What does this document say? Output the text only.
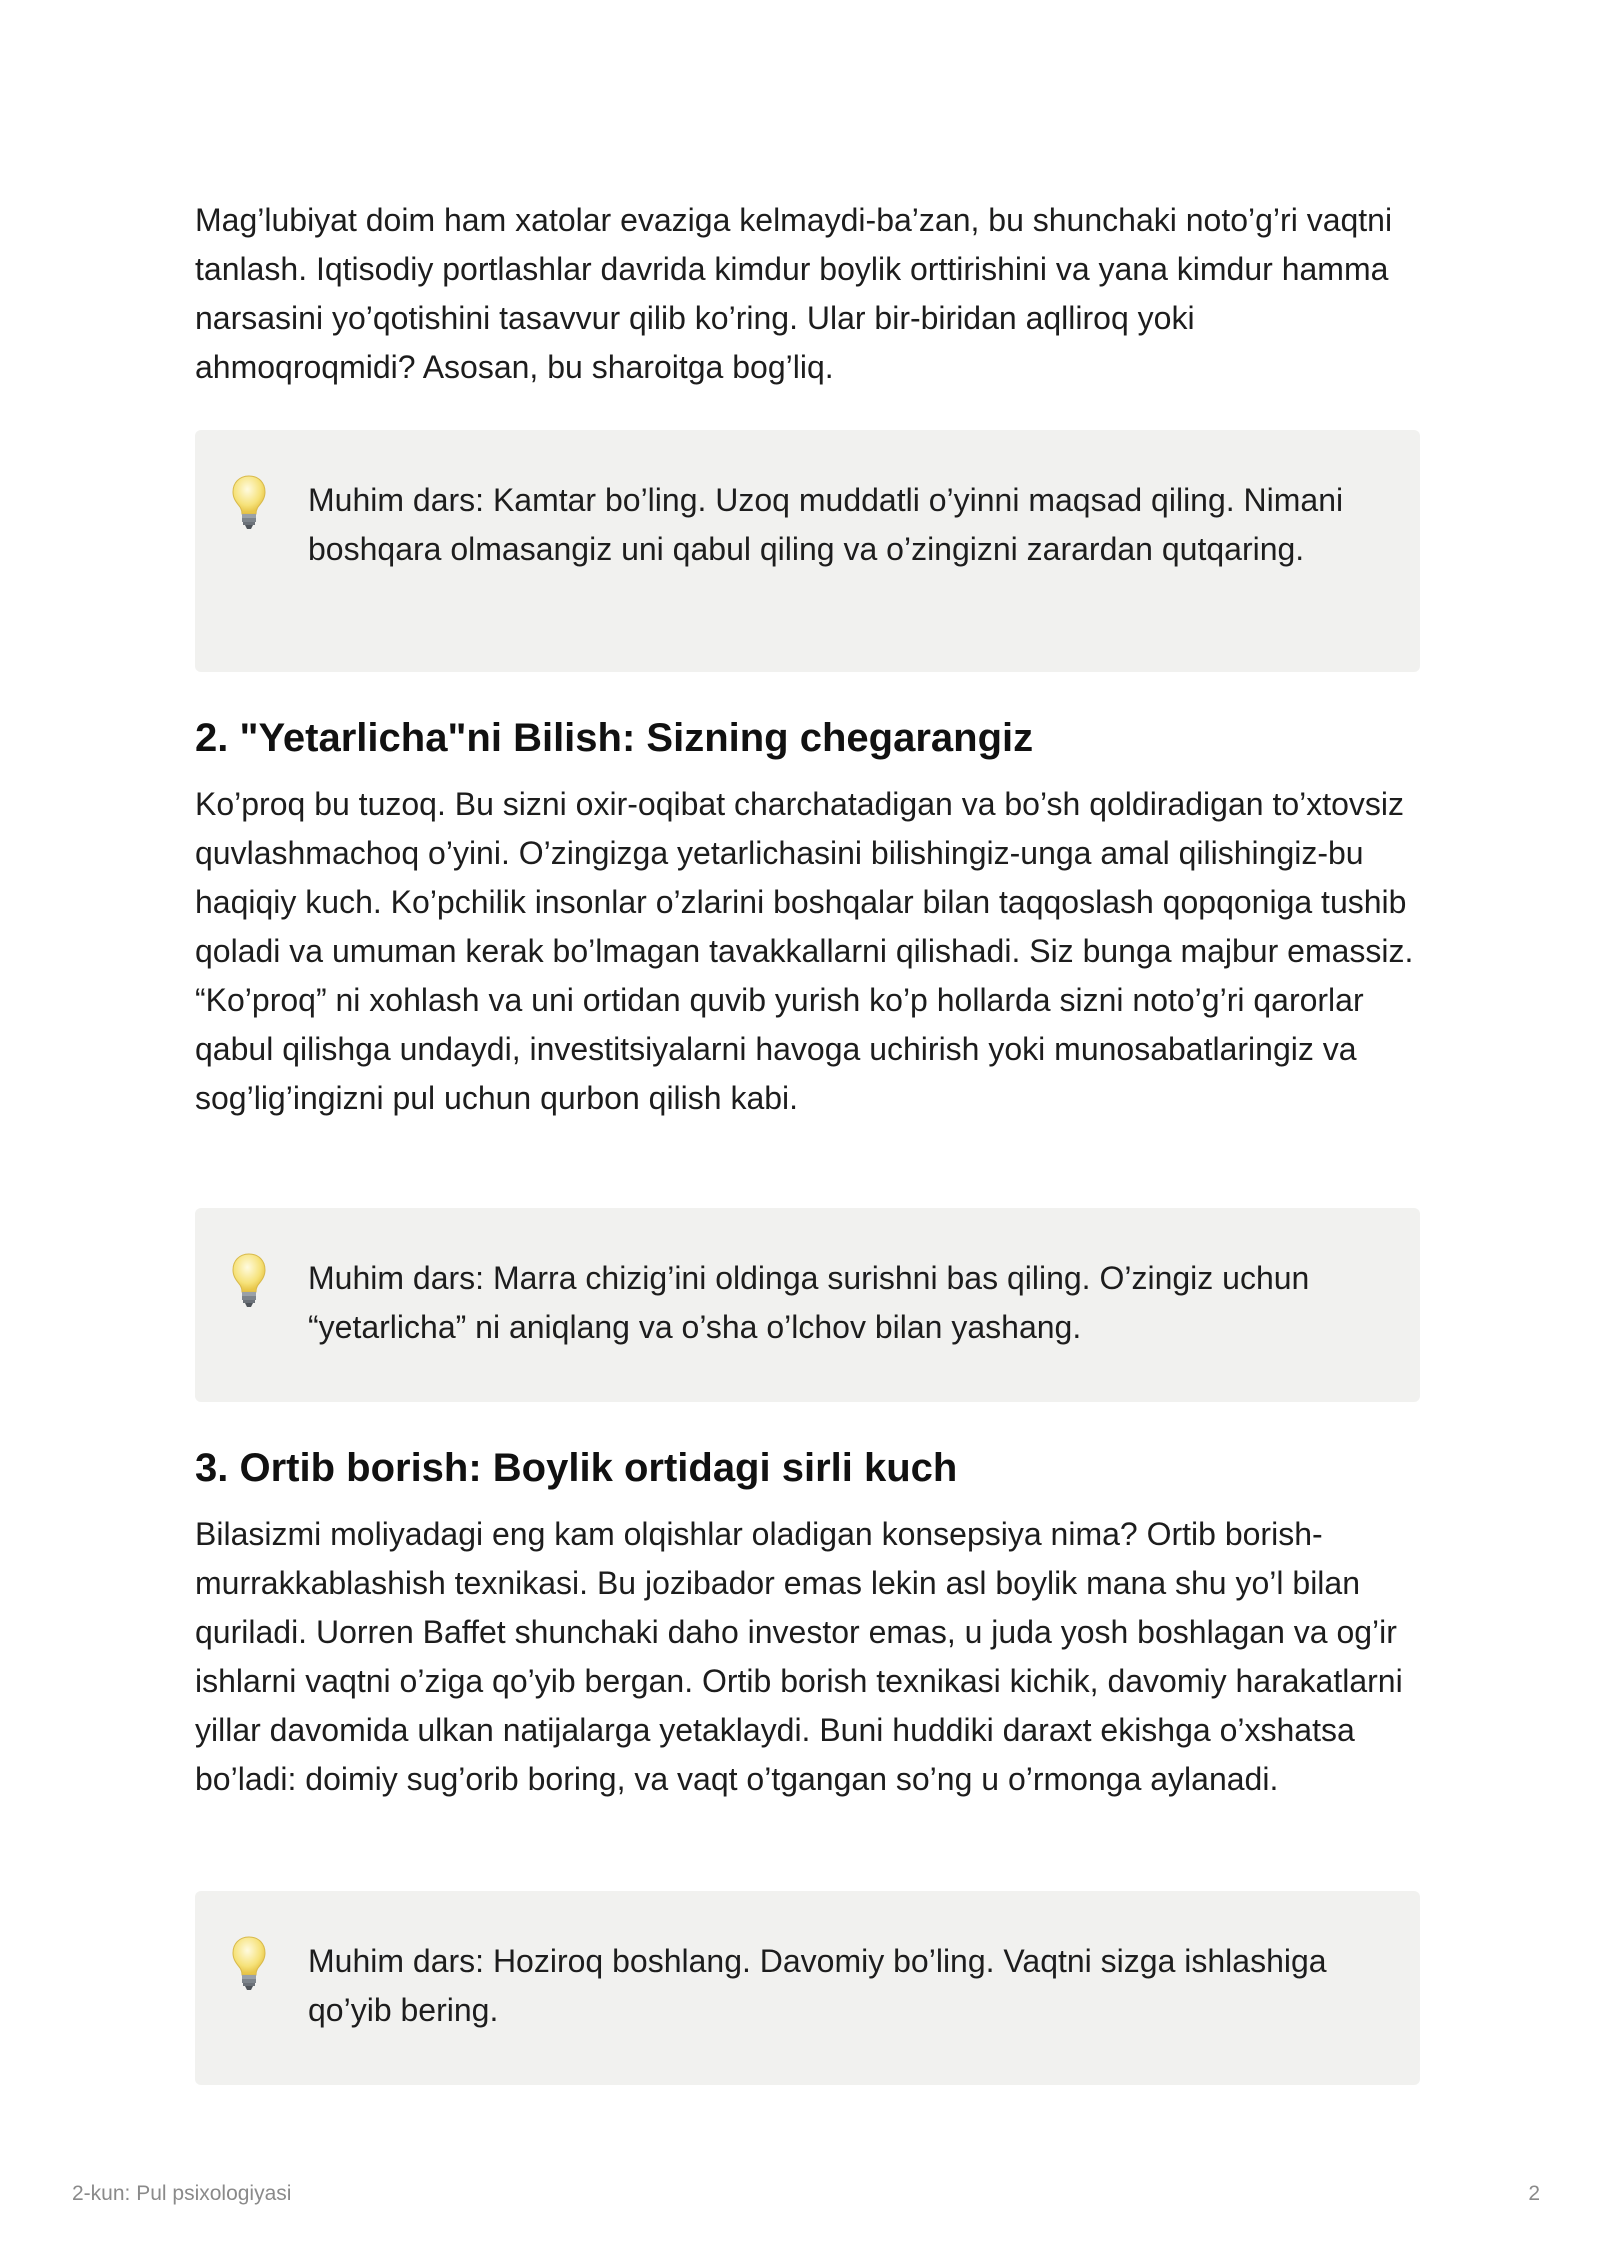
Mag’lubiyat doim ham xatolar evaziga kelmaydi-ba’zan, bu shunchaki noto’g’ri vaqtni tanlash. Iqtisodiy portlashlar davrida kimdur boylik orttirishini va yana kimdur hamma narsasini yo’qotishini tasavvur qilib ko’ring. Ular bir-biridan aqlliroq yoki ahmoqroqmidi? Asosan, bu sharoitga bog’liq.

Muhim dars: Kamtar bo’ling. Uzoq muddatli o’yinni maqsad qiling. Nimani boshqara olmasangiz uni qabul qiling va o’zingizni zarardan qutqaring.

2. "Yetarlicha"ni Bilish: Sizning chegarangiz

Ko’proq bu tuzoq. Bu sizni oxir-oqibat charchatadigan va bo’sh qoldiradigan to’xtovsiz quvlashmachoq o’yini. O’zingizga yetarlichasini bilishingiz-unga amal qilishingiz-bu haqiqiy kuch. Ko’pchilik insonlar o’zlarini boshqalar bilan taqqoslash qopqoniga tushib qoladi va umuman kerak bo’lmagan tavakkallarni qilishadi. Siz bunga majbur emassiz. “Ko’proq” ni xohlash va uni ortidan quvib yurish ko’p hollarda sizni noto’g’ri qarorlar qabul qilishga undaydi, investitsiyalarni havoga uchirish yoki munosabatlaringiz va sog’lig’ingizni pul uchun qurbon qilish kabi.

Muhim dars: Marra chizig’ini oldinga surishni bas qiling. O’zingiz uchun “yetarlicha” ni aniqlang va o’sha o’lchov bilan yashang.

3. Ortib borish: Boylik ortidagi sirli kuch

Bilasizmi moliyadagi eng kam olqishlar oladigan konsepsiya nima? Ortib borish-murrakkablashish texnikasi. Bu jozibador emas lekin asl boylik mana shu yo’l bilan quriladi. Uorren Baffet shunchaki daho investor emas, u juda yosh boshlagan va og’ir ishlarni vaqtni o’ziga qo’yib bergan. Ortib borish texnikasi kichik, davomiy harakatlarni yillar davomida ulkan natijalarga yetaklaydi. Buni huddiki daraxt ekishga o’xshatsa bo’ladi: doimiy sug’orib boring, va vaqt o’tgangan so’ng u o’rmonga aylanadi.

Muhim dars: Hoziroq boshlang. Davomiy bo’ling. Vaqtni sizga ishlashiga qo’yib bering.

2-kun: Pul psixologiyasi	2
